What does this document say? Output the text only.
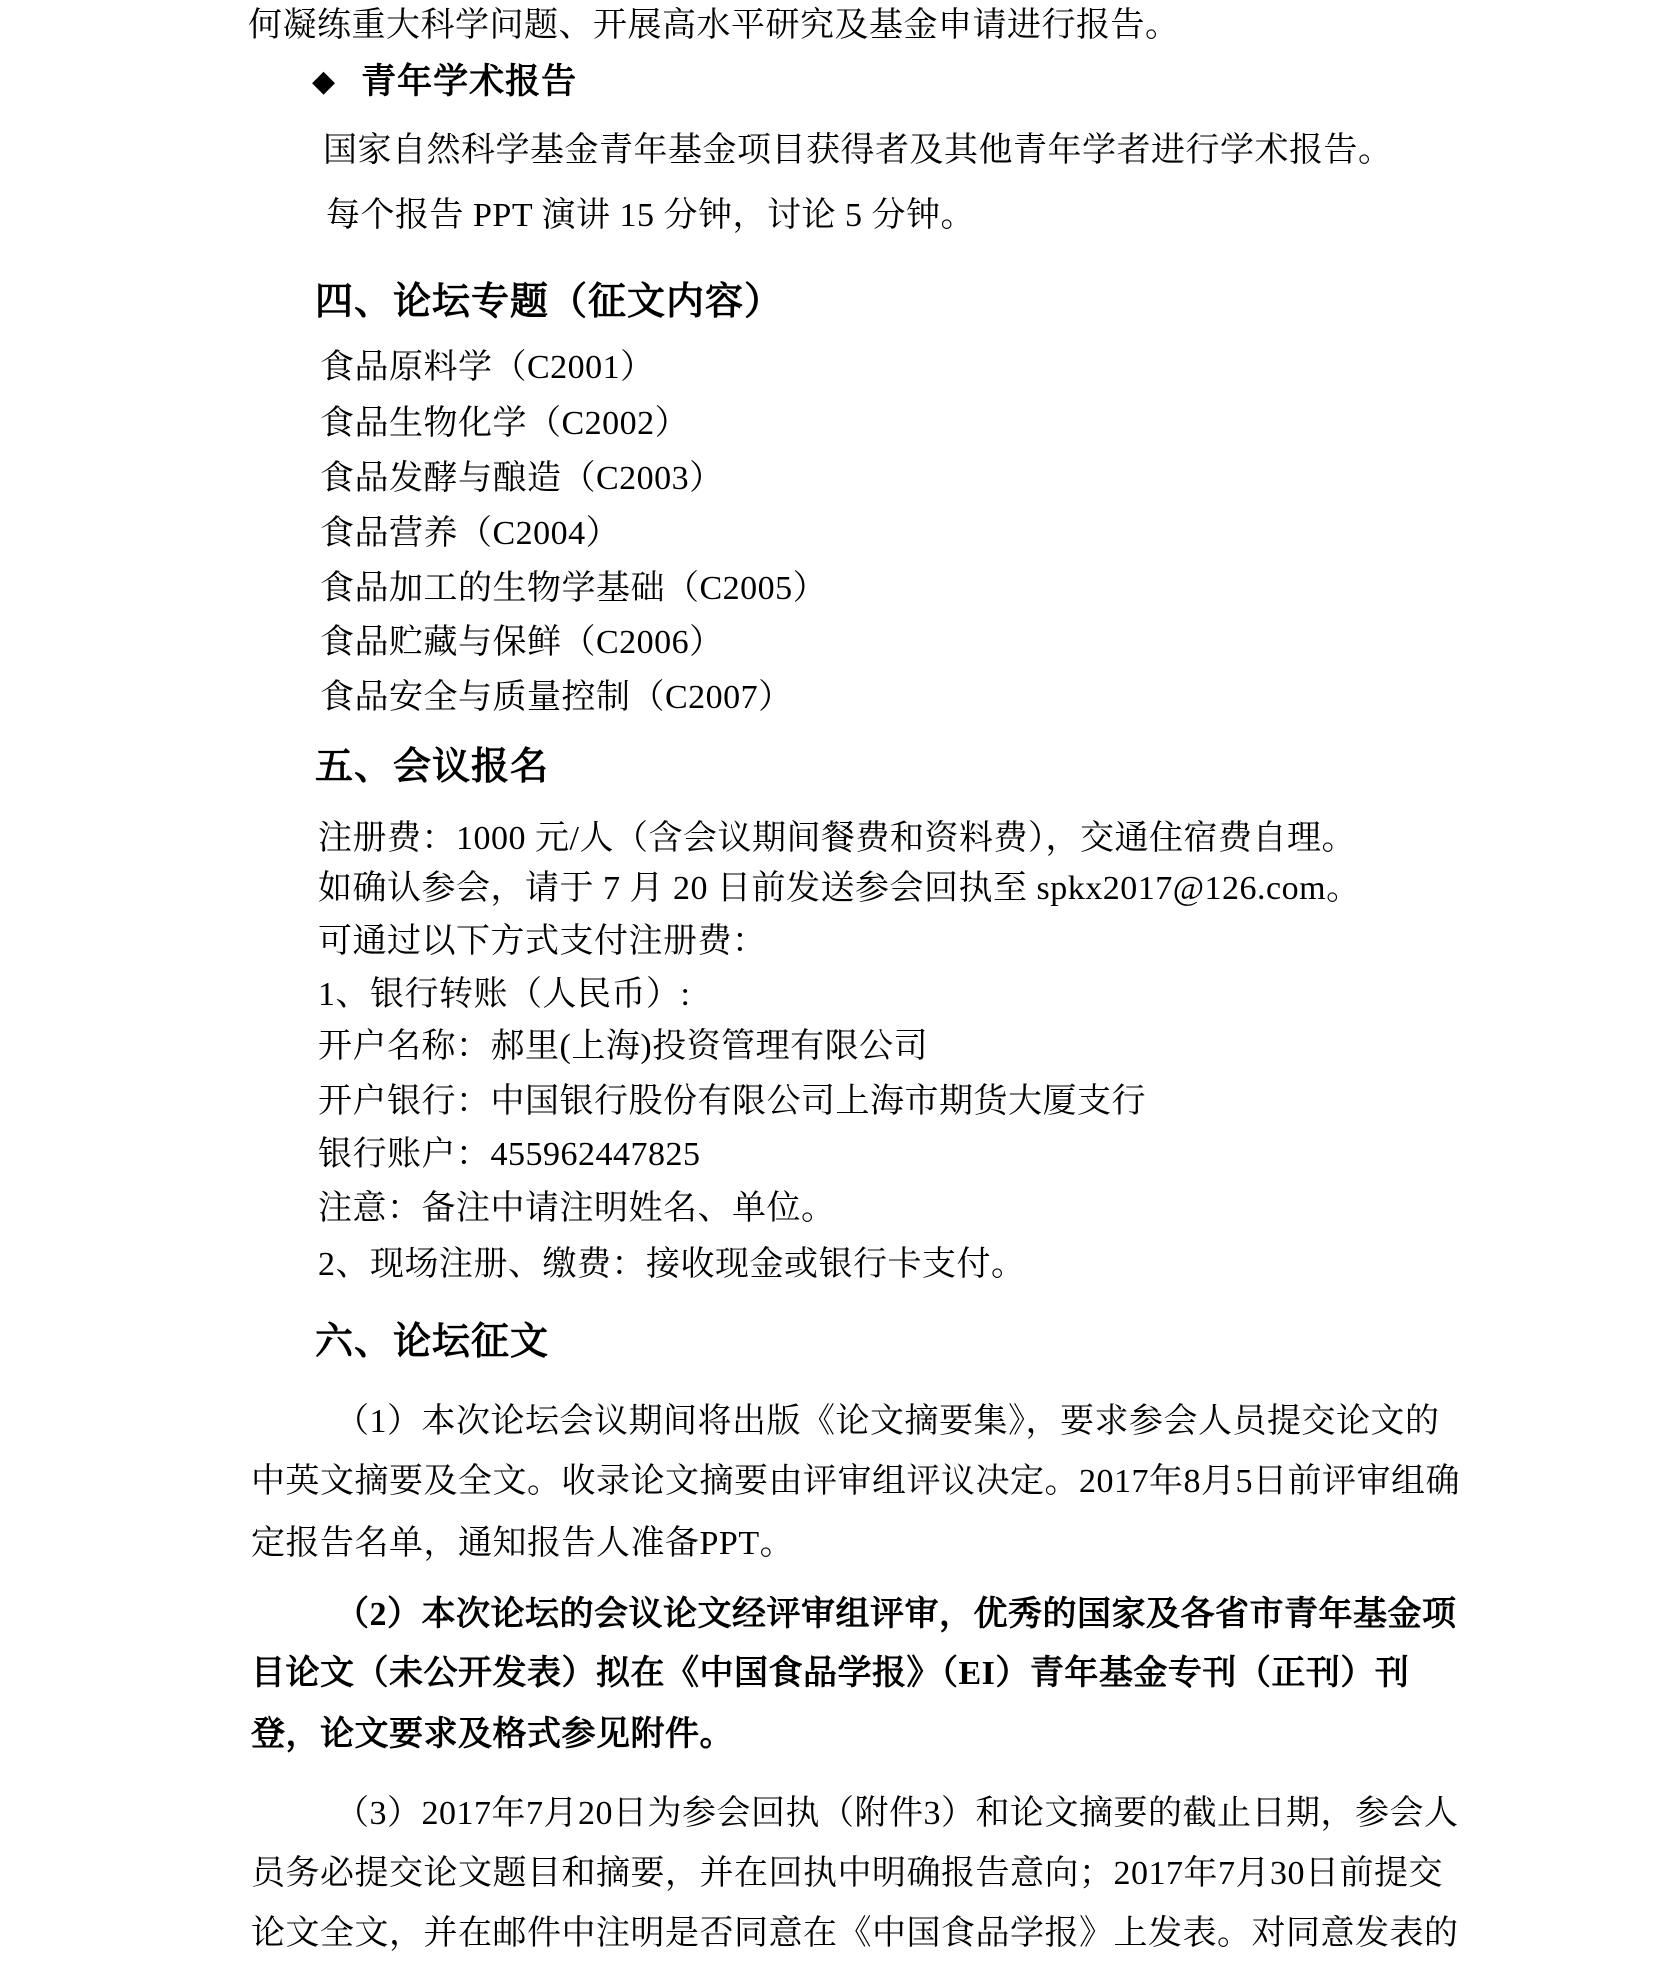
何凝练重大科学问题、开展高水平研究及基金申请进行报告。
◆ 青年学术报告
国家自然科学基金青年基金项目获得者及其他青年学者进行学术报告。
每个报告 PPT 演讲 15 分钟，讨论 5 分钟。
四、论坛专题（征文内容）
食品原料学（C2001）
食品生物化学（C2002）
食品发酵与酿造（C2003）
食品营养（C2004）
食品加工的生物学基础（C2005）
食品贮藏与保鲜（C2006）
食品安全与质量控制（C2007）
五、会议报名
注册费：1000 元/人（含会议期间餐费和资料费），交通住宿费自理。
如确认参会，请于 7 月 20 日前发送参会回执至 spkx2017@126.com。
可通过以下方式支付注册费：
1、银行转账（人民币）:
开户名称：郝里(上海)投资管理有限公司
开户银行：中国银行股份有限公司上海市期货大厦支行
银行账户：455962447825
注意：备注中请注明姓名、单位。
2、现场注册、缴费：接收现金或银行卡支付。
六、论坛征文
（1）本次论坛会议期间将出版《论文摘要集》，要求参会人员提交论文的
中英文摘要及全文。收录论文摘要由评审组评议决定。2017年8月5日前评审组确
定报告名单，通知报告人准备PPT。
（2）本次论坛的会议论文经评审组评审，优秀的国家及各省市青年基金项
目论文（未公开发表）拟在《中国食品学报》（EI）青年基金专刊（正刊）刊
登，论文要求及格式参见附件。
（3）2017年7月20日为参会回执（附件3）和论文摘要的截止日期，参会人
员务必提交论文题目和摘要，并在回执中明确报告意向；2017年7月30日前提交
论文全文，并在邮件中注明是否同意在《中国食品学报》上发表。对同意发表的
